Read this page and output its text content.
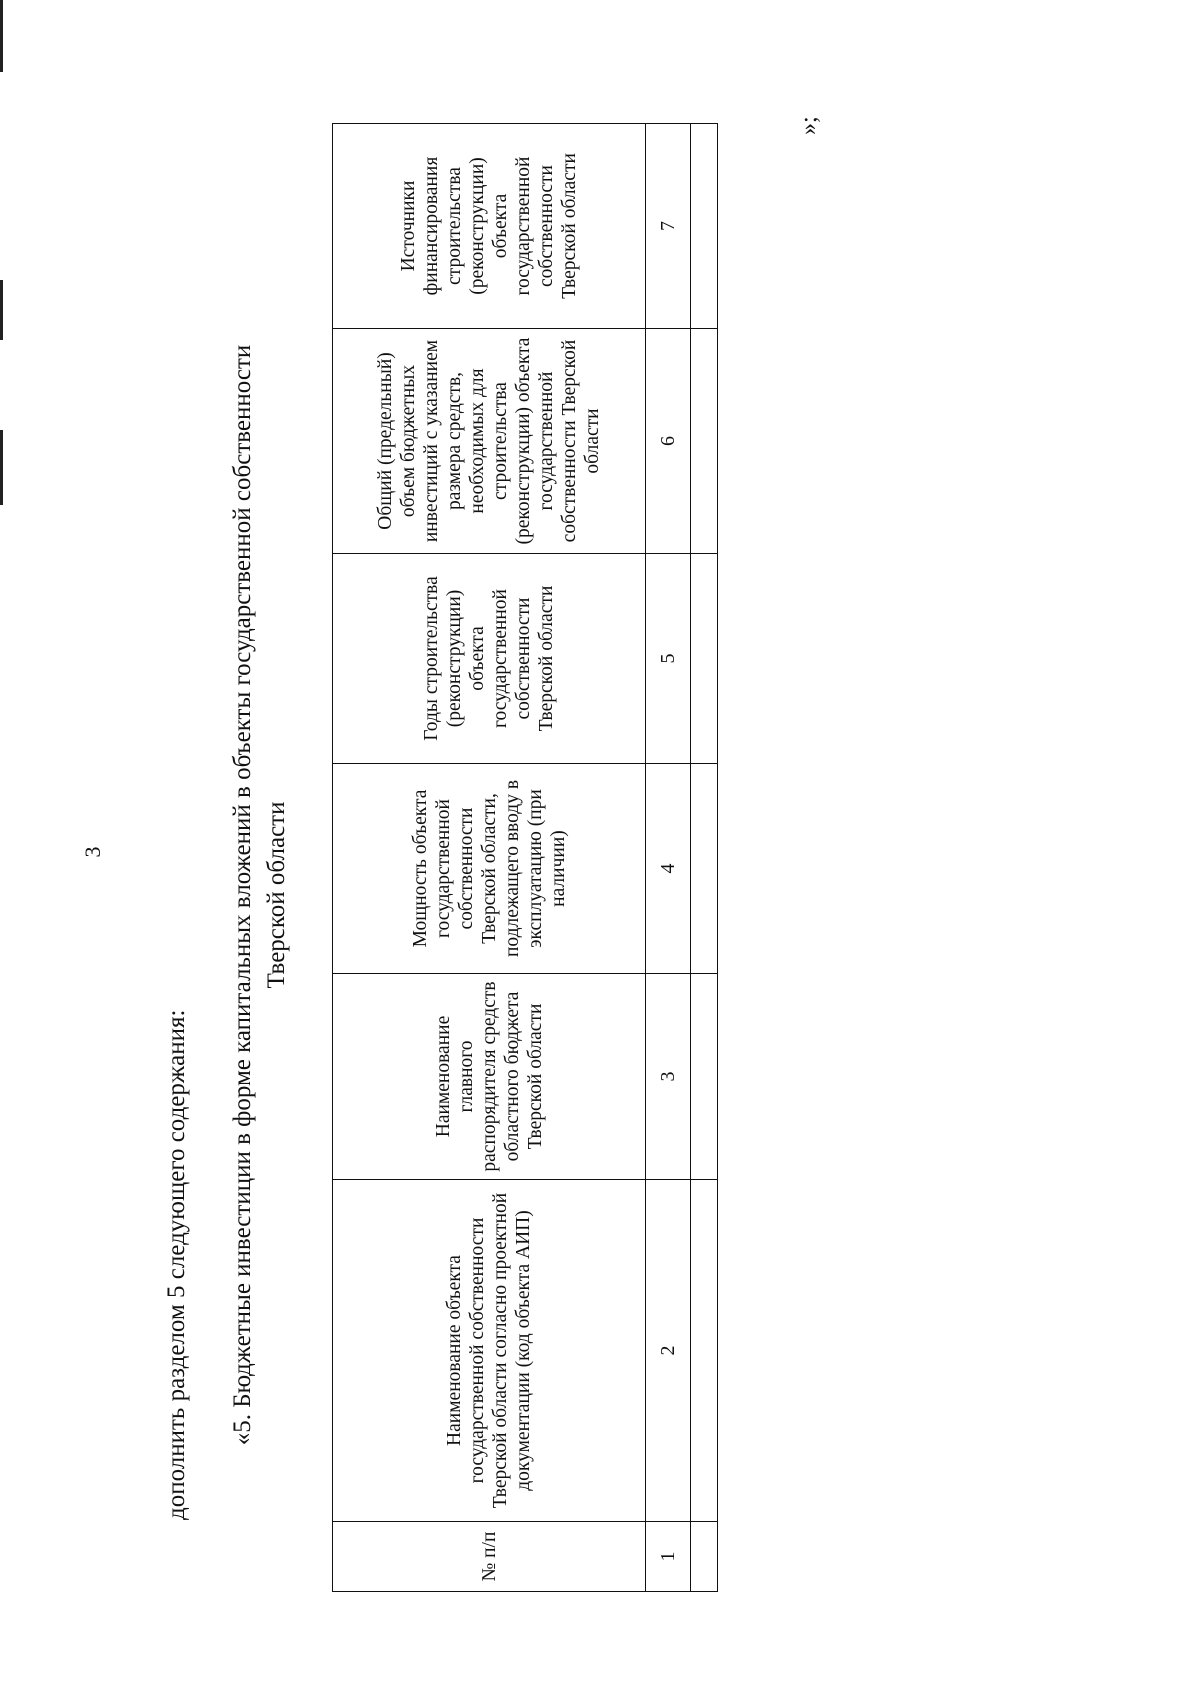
3
дополнить разделом 5 следующего содержания: «5. Бюджетные инвестиции в форме капитальных вложений в объекты государственной собственности Тверской области
№ п/п	Наименование объекта государственной собственности Тверской области согласно проектной документации (код объекта АИП)	Наименование главного распорядителя средств областного бюджета Тверской области	Мощность объекта государственной собственности Тверской области, подлежащего вводу в эксплуатацию (при наличии)	Годы строительства (реконструкции) объекта государственной собственности Тверской области	Общий (предельный) объем бюджетных инвестиций с указанием размера средств, необходимых для строительства (реконструкции) объекта государственной собственности Тверской области	Источники финансирования строительства (реконструкции) объекта государственной собственности Тверской области
1	2	3	4	5	6	7

»;
